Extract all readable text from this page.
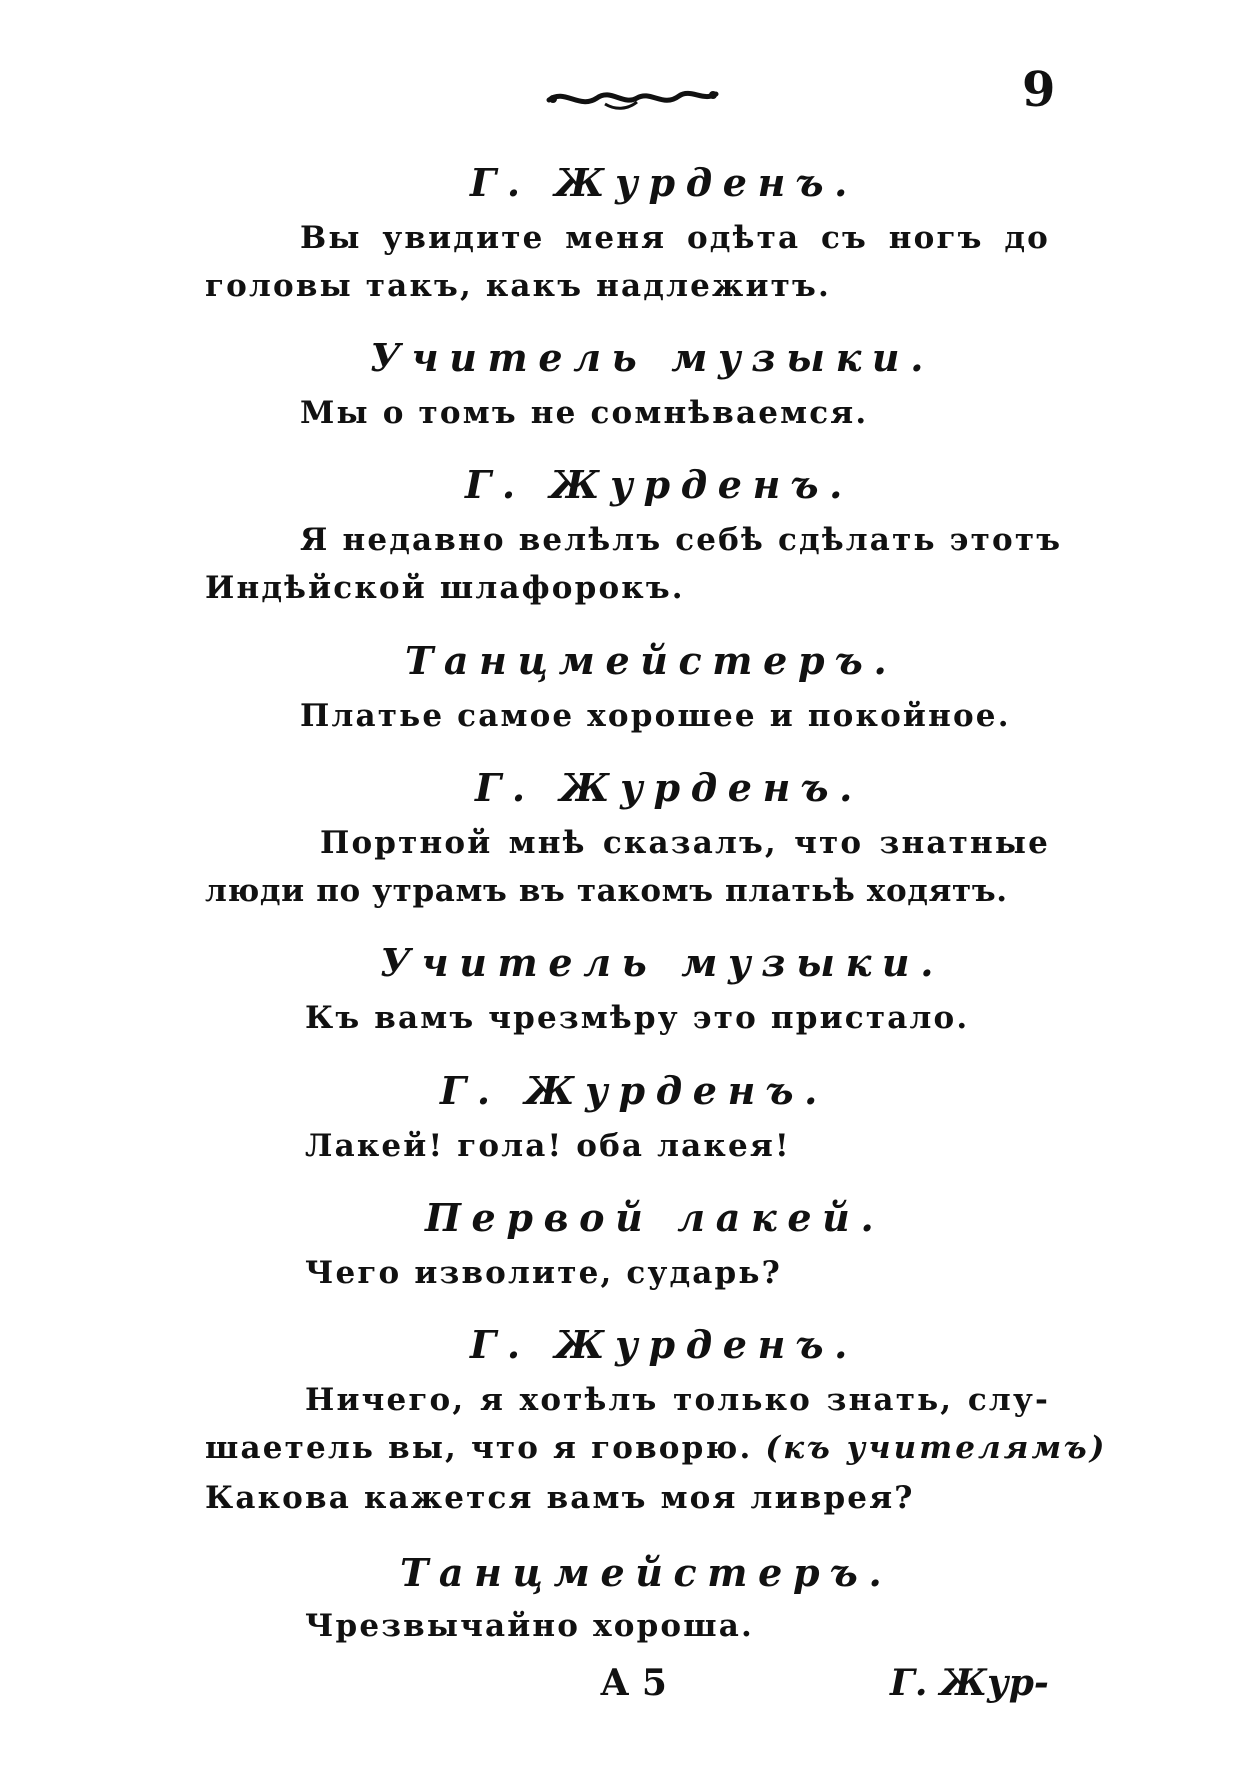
9
Г. Журденъ.
Вы увидите меня одѣта съ ногъ до
головы такъ, какъ надлежитъ.
Учитель музыки.
Мы о томъ не сомнѣваемся.
Г. Журденъ.
Я недавно велѣлъ себѣ сдѣлать этотъ
Индѣйской шлафорокъ.
Танцмейстеръ.
Платье самое хорошее и покойное.
Г. Журденъ.
Портной мнѣ сказалъ, что знатные
люди по утрамъ въ такомъ платьѣ ходятъ.
Учитель музыки.
Къ вамъ чрезмѣру это пристало.
Г. Журденъ.
Лакей! гола! оба лакея!
Первой лакей.
Чего изволите, сударь?
Г. Журденъ.
Ничего, я хотѣлъ только знать, слу-
шаетель вы, что я говорю. (къ учителямъ)
Какова кажется вамъ моя ливрея?
Танцмейстеръ.
Чрезвычайно хороша.
А 5	Г. Жур-
